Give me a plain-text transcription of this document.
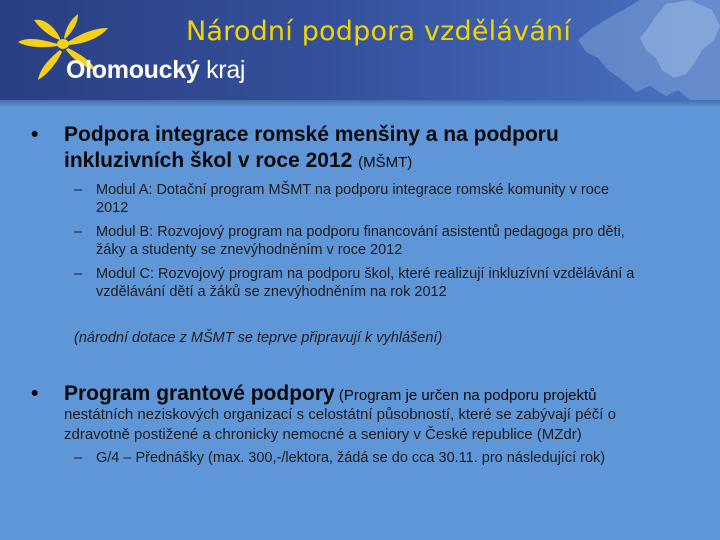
Olomoucký kraj
Národní podpora vzdělávání
• Podpora integrace romské menšiny a na podporu
inkluzivních škol v roce 2012 (MŠMT)
– Modul A: Dotační program MŠMT na podporu integrace romské komunity v roce
2012
– Modul B: Rozvojový program na podporu financování asistentů pedagoga pro děti,
žáky a studenty se znevýhodněním v roce 2012
– Modul C: Rozvojový program na podporu škol, které realizují inkluzívní vzdělávání a
vzdělávání dětí a žáků se znevýhodněním na rok 2012
(národní dotace z MŠMT se teprve připravují k vyhlášení)
• Program grantové podpory (Program je určen na podporu projektů
nestátních neziskových organizací s celostátní působností, které se zabývají péčí o
zdravotně postižené a chronicky nemocné a seniory v České republice (MZdr)
– G/4 – Přednášky (max. 300,-/lektora, žádá se do cca 30.11. pro následující rok)
